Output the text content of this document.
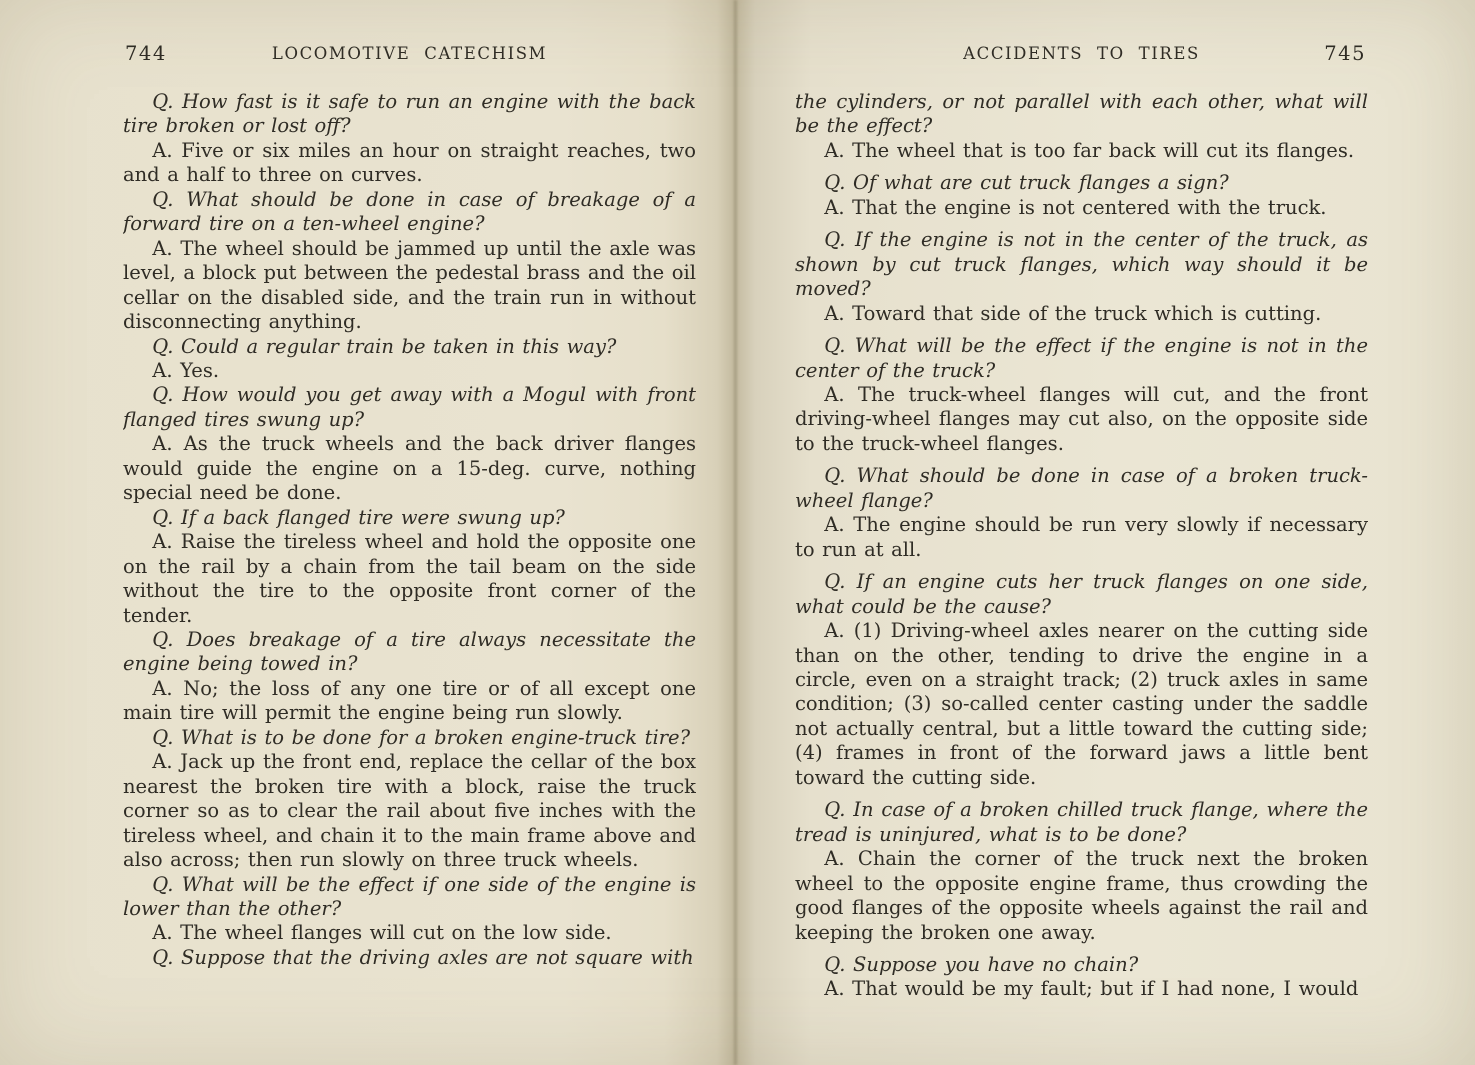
744	LOCOMOTIVE CATECHISM

Q. How fast is it safe to run an engine with the back tire broken or lost off?

A. Five or six miles an hour on straight reaches, two and a half to three on curves.

Q. What should be done in case of breakage of a forward tire on a ten-wheel engine?

A. The wheel should be jammed up until the axle was level, a block put between the pedestal brass and the oil cellar on the disabled side, and the train run in without disconnecting anything.

Q. Could a regular train be taken in this way?

A. Yes.

Q. How would you get away with a Mogul with front flanged tires swung up?

A. As the truck wheels and the back driver flanges would guide the engine on a 15-deg. curve, nothing special need be done.

Q. If a back flanged tire were swung up?

A. Raise the tireless wheel and hold the opposite one on the rail by a chain from the tail beam on the side without the tire to the opposite front corner of the tender.

Q. Does breakage of a tire always necessitate the engine being towed in?

A. No; the loss of any one tire or of all except one main tire will permit the engine being run slowly.

Q. What is to be done for a broken engine-truck tire?

A. Jack up the front end, replace the cellar of the box nearest the broken tire with a block, raise the truck corner so as to clear the rail about five inches with the tireless wheel, and chain it to the main frame above and also across; then run slowly on three truck wheels.

Q. What will be the effect if one side of the engine is lower than the other?

A. The wheel flanges will cut on the low side.

Q. Suppose that the driving axles are not square with

ACCIDENTS TO TIRES	745

the cylinders, or not parallel with each other, what will be the effect?

A. The wheel that is too far back will cut its flanges.

Q. Of what are cut truck flanges a sign?

A. That the engine is not centered with the truck.

Q. If the engine is not in the center of the truck, as shown by cut truck flanges, which way should it be moved?

A. Toward that side of the truck which is cutting.

Q. What will be the effect if the engine is not in the center of the truck?

A. The truck-wheel flanges will cut, and the front driving-wheel flanges may cut also, on the opposite side to the truck-wheel flanges.

Q. What should be done in case of a broken truck-wheel flange?

A. The engine should be run very slowly if necessary to run at all.

Q. If an engine cuts her truck flanges on one side, what could be the cause?

A. (1) Driving-wheel axles nearer on the cutting side than on the other, tending to drive the engine in a circle, even on a straight track; (2) truck axles in same condition; (3) so-called center casting under the saddle not actually central, but a little toward the cutting side; (4) frames in front of the forward jaws a little bent toward the cutting side.

Q. In case of a broken chilled truck flange, where the tread is uninjured, what is to be done?

A. Chain the corner of the truck next the broken wheel to the opposite engine frame, thus crowding the good flanges of the opposite wheels against the rail and keeping the broken one away.

Q. Suppose you have no chain?

A. That would be my fault; but if I had none, I would
